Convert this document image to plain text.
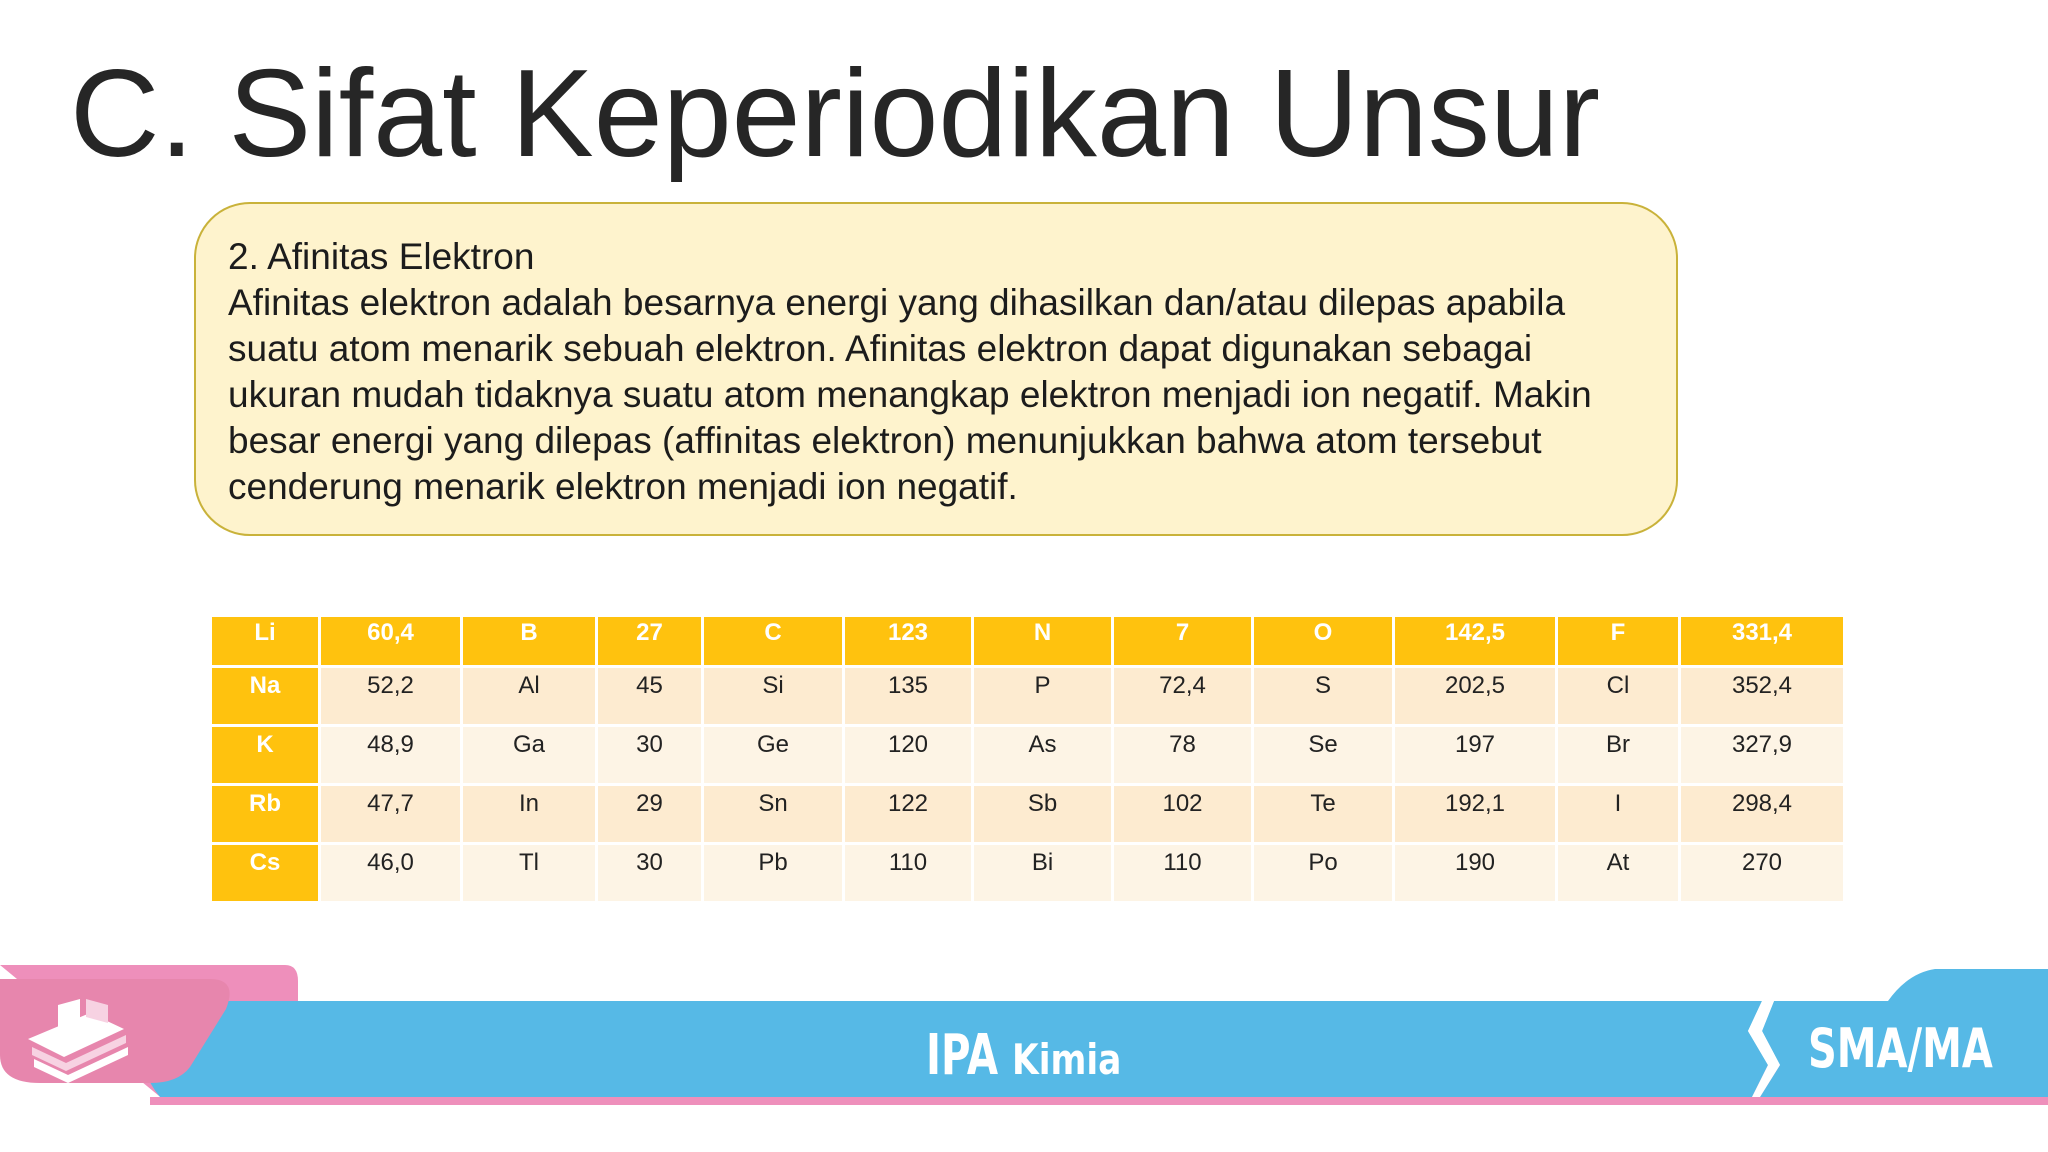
C. Sifat Keperiodikan Unsur

2. Afinitas Elektron

Afinitas elektron adalah besarnya energi yang dihasilkan dan/atau dilepas apabila suatu atom menarik sebuah elektron. Afinitas elektron dapat digunakan sebagai ukuran mudah tidaknya suatu atom menangkap elektron menjadi ion negatif. Makin besar energi yang dilepas (affinitas elektron) menunjukkan bahwa atom tersebut cenderung menarik elektron menjadi ion negatif.

Li	60,4	B	27	C	123	N	7	O	142,5	F	331,4
Na	52,2	Al	45	Si	135	P	72,4	S	202,5	Cl	352,4
K	48,9	Ga	30	Ge	120	As	78	Se	197	Br	327,9
Rb	47,7	In	29	Sn	122	Sb	102	Te	192,1	I	298,4
Cs	46,0	Tl	30	Pb	110	Bi	110	Po	190	At	270
IPA Kimia	SMA/MA
